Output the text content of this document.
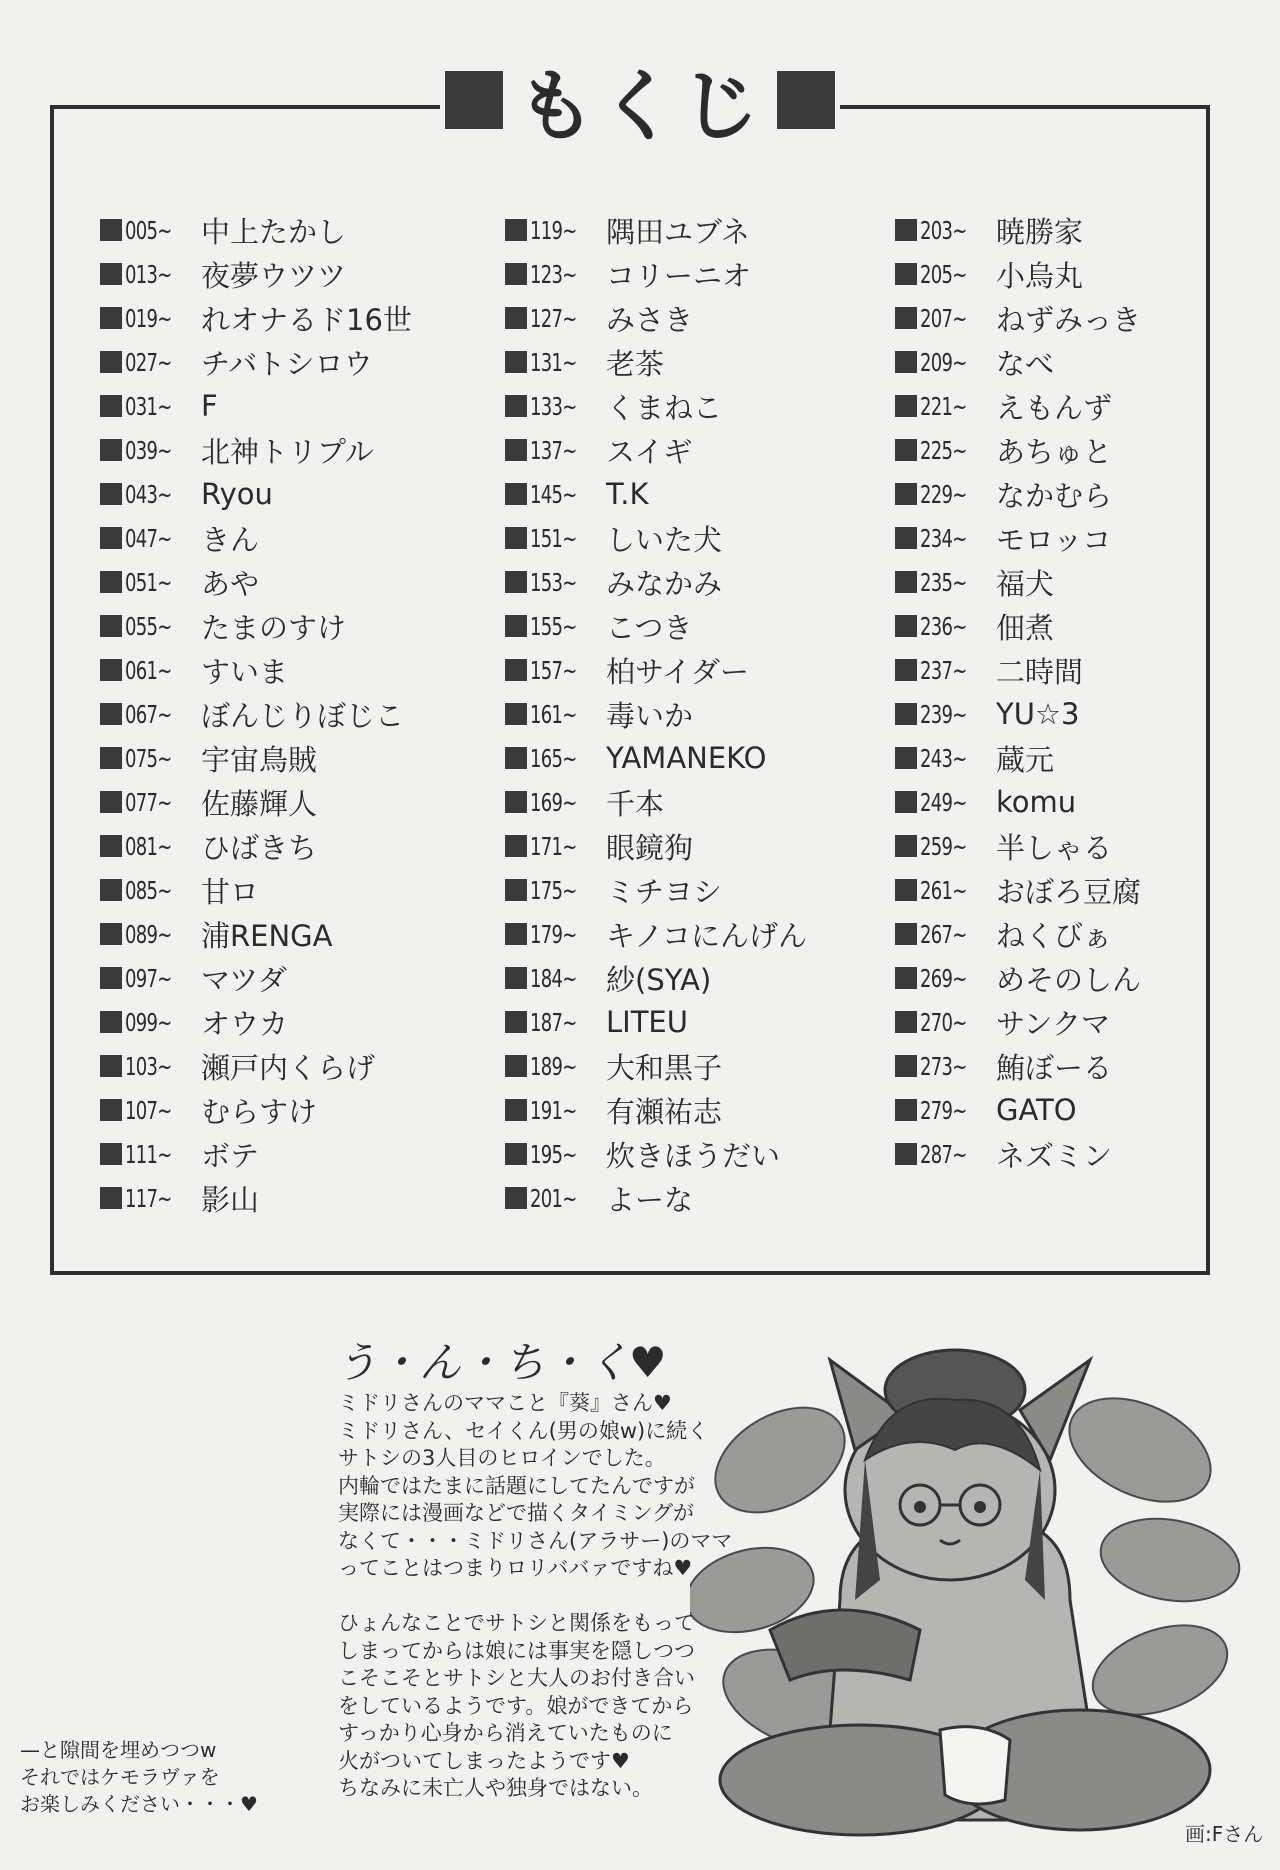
もくじ
005~	中上たかし
013~	夜夢ウツツ
019~	れオナるド16世
027~	チバトシロウ
031~	F
039~	北神トリプル
043~	Ryou
047~	きん
051~	あや
055~	たまのすけ
061~	すいま
067~	ぼんじりぼじこ
075~	宇宙鳥賊
077~	佐藤輝人
081~	ひばきち
085~	甘ロ
089~	浦RENGA
097~	マツダ
099~	オウカ
103~	瀬戸内くらげ
107~	むらすけ
111~	ボテ
117~	影山
119~	隅田ユブネ
123~	コリーニオ
127~	みさき
131~	老茶
133~	くまねこ
137~	スイギ
145~	T.K
151~	しいた犬
153~	みなかみ
155~	こつき
157~	柏サイダー
161~	毒いか
165~	YAMANEKO
169~	千本
171~	眼鏡狗
175~	ミチヨシ
179~	キノコにんげん
184~	紗(SYA)
187~	LITEU
189~	大和黒子
191~	有瀬祐志
195~	炊きほうだい
201~	よーな
203~	暁勝家
205~	小烏丸
207~	ねずみっき
209~	なべ
221~	えもんず
225~	あちゅと
229~	なかむら
234~	モロッコ
235~	福犬
236~	佃煮
237~	二時間
239~	YU☆3
243~	蔵元
249~	komu
259~	半しゃる
261~	おぼろ豆腐
267~	ねくびぁ
269~	めそのしん
270~	サンクマ
273~	鮪ぼーる
279~	GATO
287~	ネズミン
う・ん・ち・く♥
ミドリさんのママこと『葵』さん♥
ミドリさん、セイくん(男の娘w)に続く
サトシの3人目のヒロインでした。
内輪ではたまに話題にしてたんですが
実際には漫画などで描くタイミングが
なくて・・・ミドリさん(アラサー)のママ
ってことはつまりロリババァですね♥
ひょんなことでサトシと関係をもって
しまってからは娘には事実を隠しつつ
こそこそとサトシと大人のお付き合い
をしているようです。娘ができてから
すっかり心身から消えていたものに
火がついてしまったようです♥
ちなみに未亡人や独身ではない。
—と隙間を埋めつつw
それではケモラヴァを
お楽しみください・・・♥
画:Fさん
